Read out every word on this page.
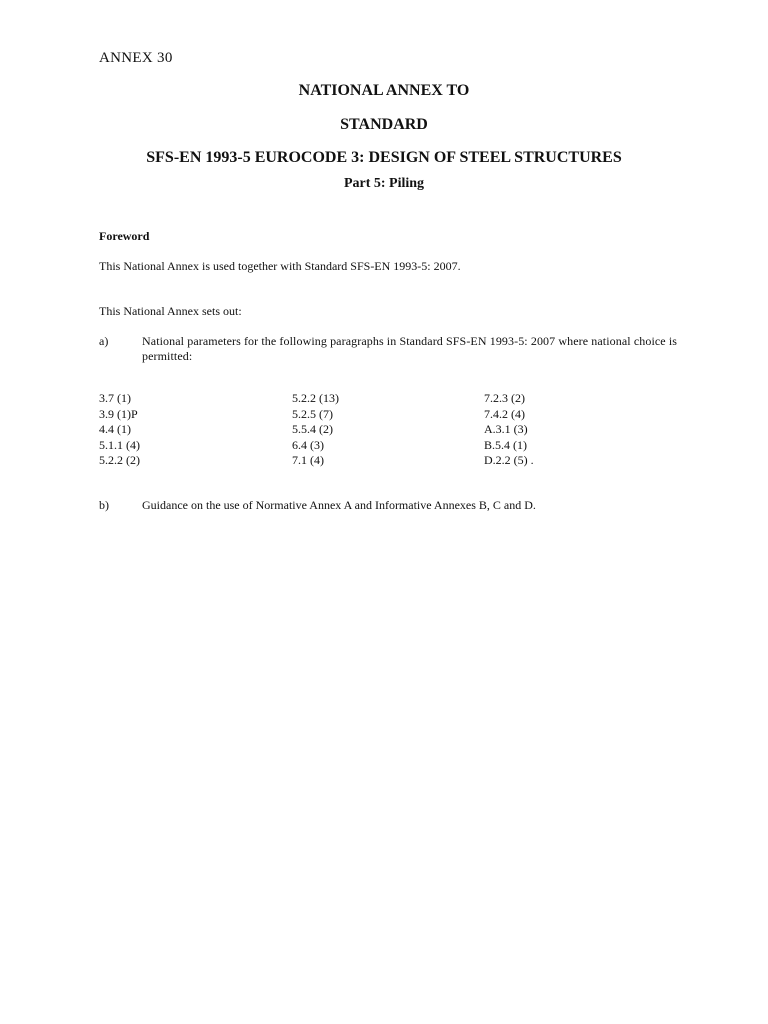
ANNEX 30
NATIONAL ANNEX TO
STANDARD
SFS-EN 1993-5 EUROCODE 3: DESIGN OF STEEL STRUCTURES
Part 5: Piling
Foreword
This National Annex is used together with Standard SFS-EN 1993-5: 2007.
This National Annex sets out:
a)	National parameters for the following paragraphs in Standard SFS-EN 1993-5: 2007 where national choice is permitted:
3.7 (1)
3.9 (1)P
4.4 (1)
5.1.1 (4)
5.2.2 (2)
5.2.2 (13)
5.2.5 (7)
5.5.4 (2)
6.4 (3)
7.1 (4)
7.2.3 (2)
7.4.2 (4)
A.3.1 (3)
B.5.4 (1)
D.2.2 (5) .
b)	Guidance on the use of Normative Annex A and Informative Annexes B, C and D.
